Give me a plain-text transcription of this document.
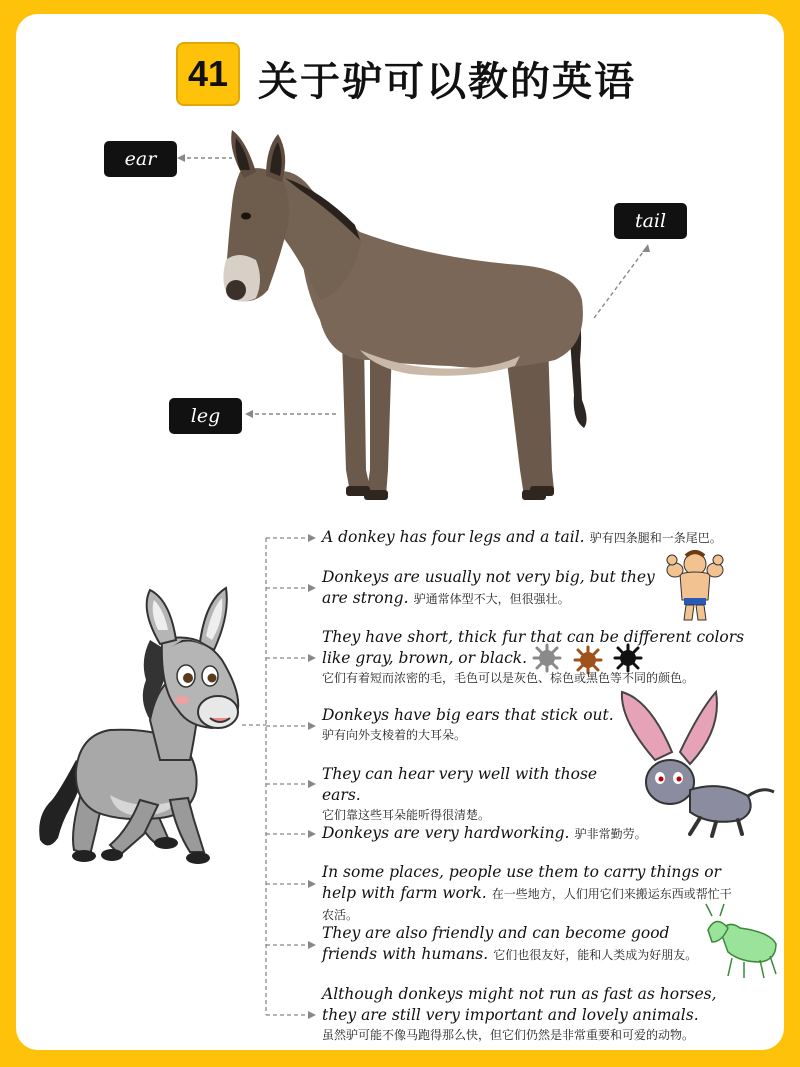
41 关于驴可以教的英语
ear
tail
leg
A donkey has four legs and a tail. 驴有四条腿和一条尾巴。
Donkeys are usually not very big, but they are strong. 驴通常体型不大，但很强壮。
They have short, thick fur that can be different colors like gray, brown, or black.
它们有着短而浓密的毛，毛色可以是灰色、棕色或黑色等不同的颜色。
Donkeys have big ears that stick out.
驴有向外支棱着的大耳朵。
They can hear very well with those ears.
它们靠这些耳朵能听得很清楚。
Donkeys are very hardworking. 驴非常勤劳。
In some places, people use them to carry things or help with farm work. 在一些地方，人们用它们来搬运东西或帮忙干农活。
They are also friendly and can become good friends with humans. 它们也很友好，能和人类成为好朋友。
Although donkeys might not run as fast as horses, they are still very important and lovely animals.
虽然驴可能不像马跑得那么快，但它们仍然是非常重要和可爱的动物。
